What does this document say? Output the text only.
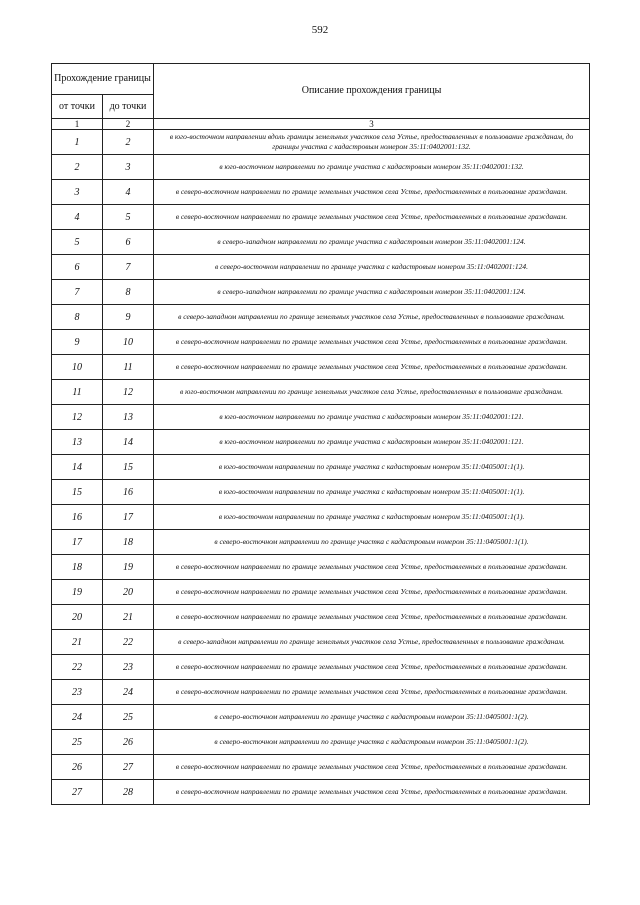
592
Прохождение границы		Описание прохождения границы
от точки	до точки	
1	2	3
1	2	в юго-восточном направлении вдоль границы земельных участков села Устье, предоставленных в пользование гражданам, до границы участка с кадастровым номером 35:11:0402001:132.
2	3	в юго-восточном направлении по границе участка с кадастровым номером 35:11:0402001:132.
3	4	в северо-восточном направлении по границе земельных участков села Устье, предоставленных в пользование гражданам.
4	5	в северо-восточном направлении по границе земельных участков села Устье, предоставленных в пользование гражданам.
5	6	в северо-западном направлении по границе участка с кадастровым номером 35:11:0402001:124.
6	7	в северо-восточном направлении по границе участка с кадастровым номером 35:11:0402001:124.
7	8	в северо-западном направлении по границе участка с кадастровым номером 35:11:0402001:124.
8	9	в северо-западном направлении по границе земельных участков села Устье, предоставленных в пользование гражданам.
9	10	в северо-восточном направлении по границе земельных участков села Устье, предоставленных в пользование гражданам.
10	11	в северо-восточном направлении по границе земельных участков села Устье, предоставленных в пользование гражданам.
11	12	в юго-восточном направлении по границе земельных участков села Устье, предоставленных в пользование гражданам.
12	13	в юго-восточном направлении по границе участка с кадастровым номером 35:11:0402001:121.
13	14	в юго-восточном направлении по границе участка с кадастровым номером 35:11:0402001:121.
14	15	в юго-восточном направлении по границе участка с кадастровым номером 35:11:0405001:1(1).
15	16	в юго-восточном направлении по границе участка с кадастровым номером 35:11:0405001:1(1).
16	17	в юго-восточном направлении по границе участка с кадастровым номером 35:11:0405001:1(1).
17	18	в северо-восточном направлении по границе участка с кадастровым номером 35:11:0405001:1(1).
18	19	в северо-восточном направлении по границе земельных участков села Устье, предоставленных в пользование гражданам.
19	20	в северо-восточном направлении по границе земельных участков села Устье, предоставленных в пользование гражданам.
20	21	в северо-восточном направлении по границе земельных участков села Устье, предоставленных в пользование гражданам.
21	22	в северо-западном направлении по границе земельных участков села Устье, предоставленных в пользование гражданам.
22	23	в северо-восточном направлении по границе земельных участков села Устье, предоставленных в пользование гражданам.
23	24	в северо-восточном направлении по границе земельных участков села Устье, предоставленных в пользование гражданам.
24	25	в северо-восточном направлении по границе участка с кадастровым номером 35:11:0405001:1(2).
25	26	в северо-восточном направлении по границе участка с кадастровым номером 35:11:0405001:1(2).
26	27	в северо-восточном направлении по границе земельных участков села Устье, предоставленных в пользование гражданам.
27	28	в северо-восточном направлении по границе земельных участков села Устье, предоставленных в пользование гражданам.
